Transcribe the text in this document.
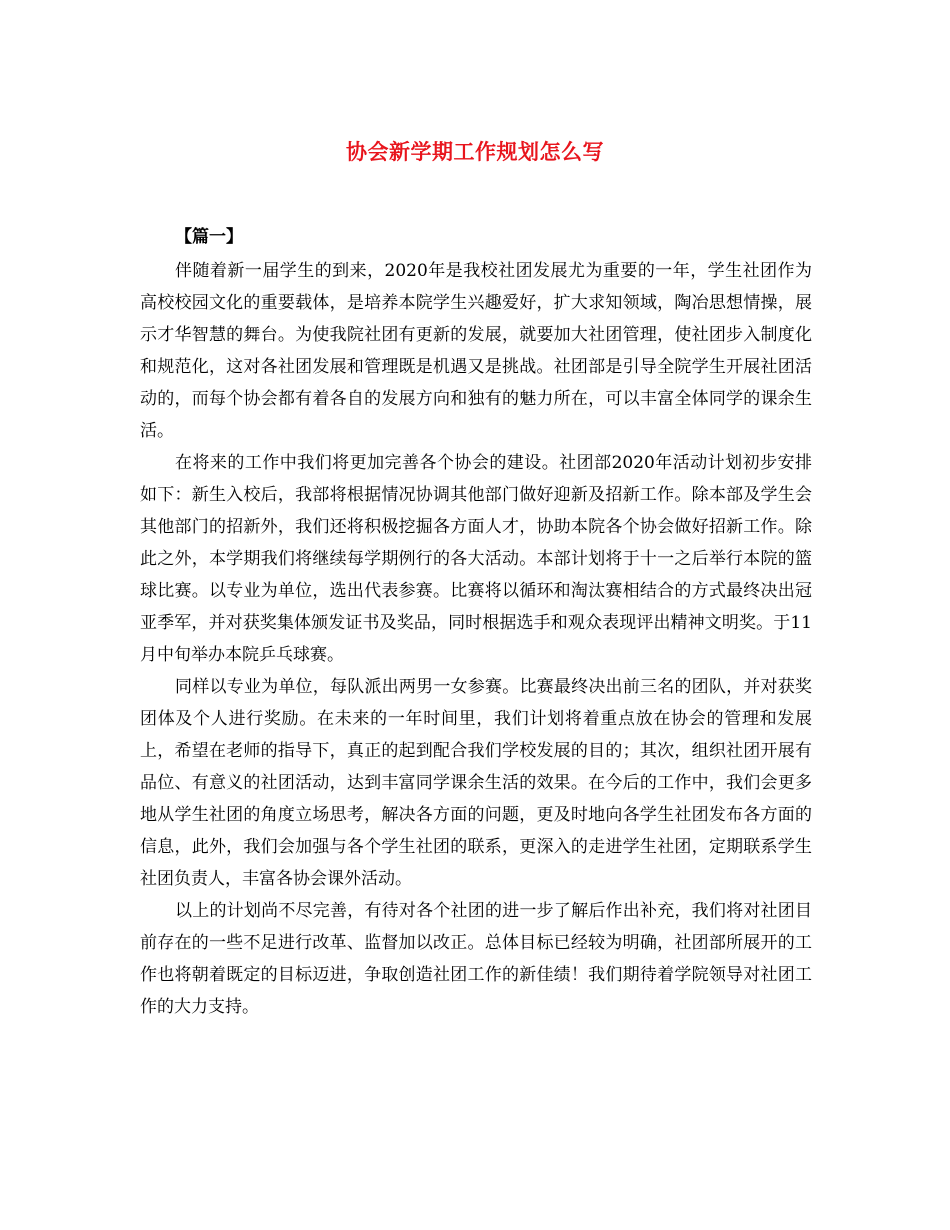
协会新学期工作规划怎么写
【篇一】

伴随着新一届学生的到来，2020年是我校社团发展尤为重要的一年，学生社团作为高校校园文化的重要载体，是培养本院学生兴趣爱好，扩大求知领域，陶冶思想情操，展示才华智慧的舞台。为使我院社团有更新的发展，就要加大社团管理，使社团步入制度化和规范化，这对各社团发展和管理既是机遇又是挑战。社团部是引导全院学生开展社团活动的，而每个协会都有着各自的发展方向和独有的魅力所在，可以丰富全体同学的课余生活。

在将来的工作中我们将更加完善各个协会的建设。社团部2020年活动计划初步安排如下：新生入校后，我部将根据情况协调其他部门做好迎新及招新工作。除本部及学生会其他部门的招新外，我们还将积极挖掘各方面人才，协助本院各个协会做好招新工作。除此之外，本学期我们将继续每学期例行的各大活动。本部计划将于十一之后举行本院的篮球比赛。以专业为单位，选出代表参赛。比赛将以循环和淘汰赛相结合的方式最终决出冠亚季军，并对获奖集体颁发证书及奖品，同时根据选手和观众表现评出精神文明奖。于11月中旬举办本院乒乓球赛。

同样以专业为单位，每队派出两男一女参赛。比赛最终决出前三名的团队，并对获奖团体及个人进行奖励。在未来的一年时间里，我们计划将着重点放在协会的管理和发展上，希望在老师的指导下，真正的起到配合我们学校发展的目的；其次，组织社团开展有品位、有意义的社团活动，达到丰富同学课余生活的效果。在今后的工作中，我们会更多地从学生社团的角度立场思考，解决各方面的问题，更及时地向各学生社团发布各方面的信息，此外，我们会加强与各个学生社团的联系，更深入的走进学生社团，定期联系学生社团负责人，丰富各协会课外活动。

以上的计划尚不尽完善，有待对各个社团的进一步了解后作出补充，我们将对社团目前存在的一些不足进行改革、监督加以改正。总体目标已经较为明确，社团部所展开的工作也将朝着既定的目标迈进，争取创造社团工作的新佳绩！我们期待着学院领导对社团工作的大力支持。
